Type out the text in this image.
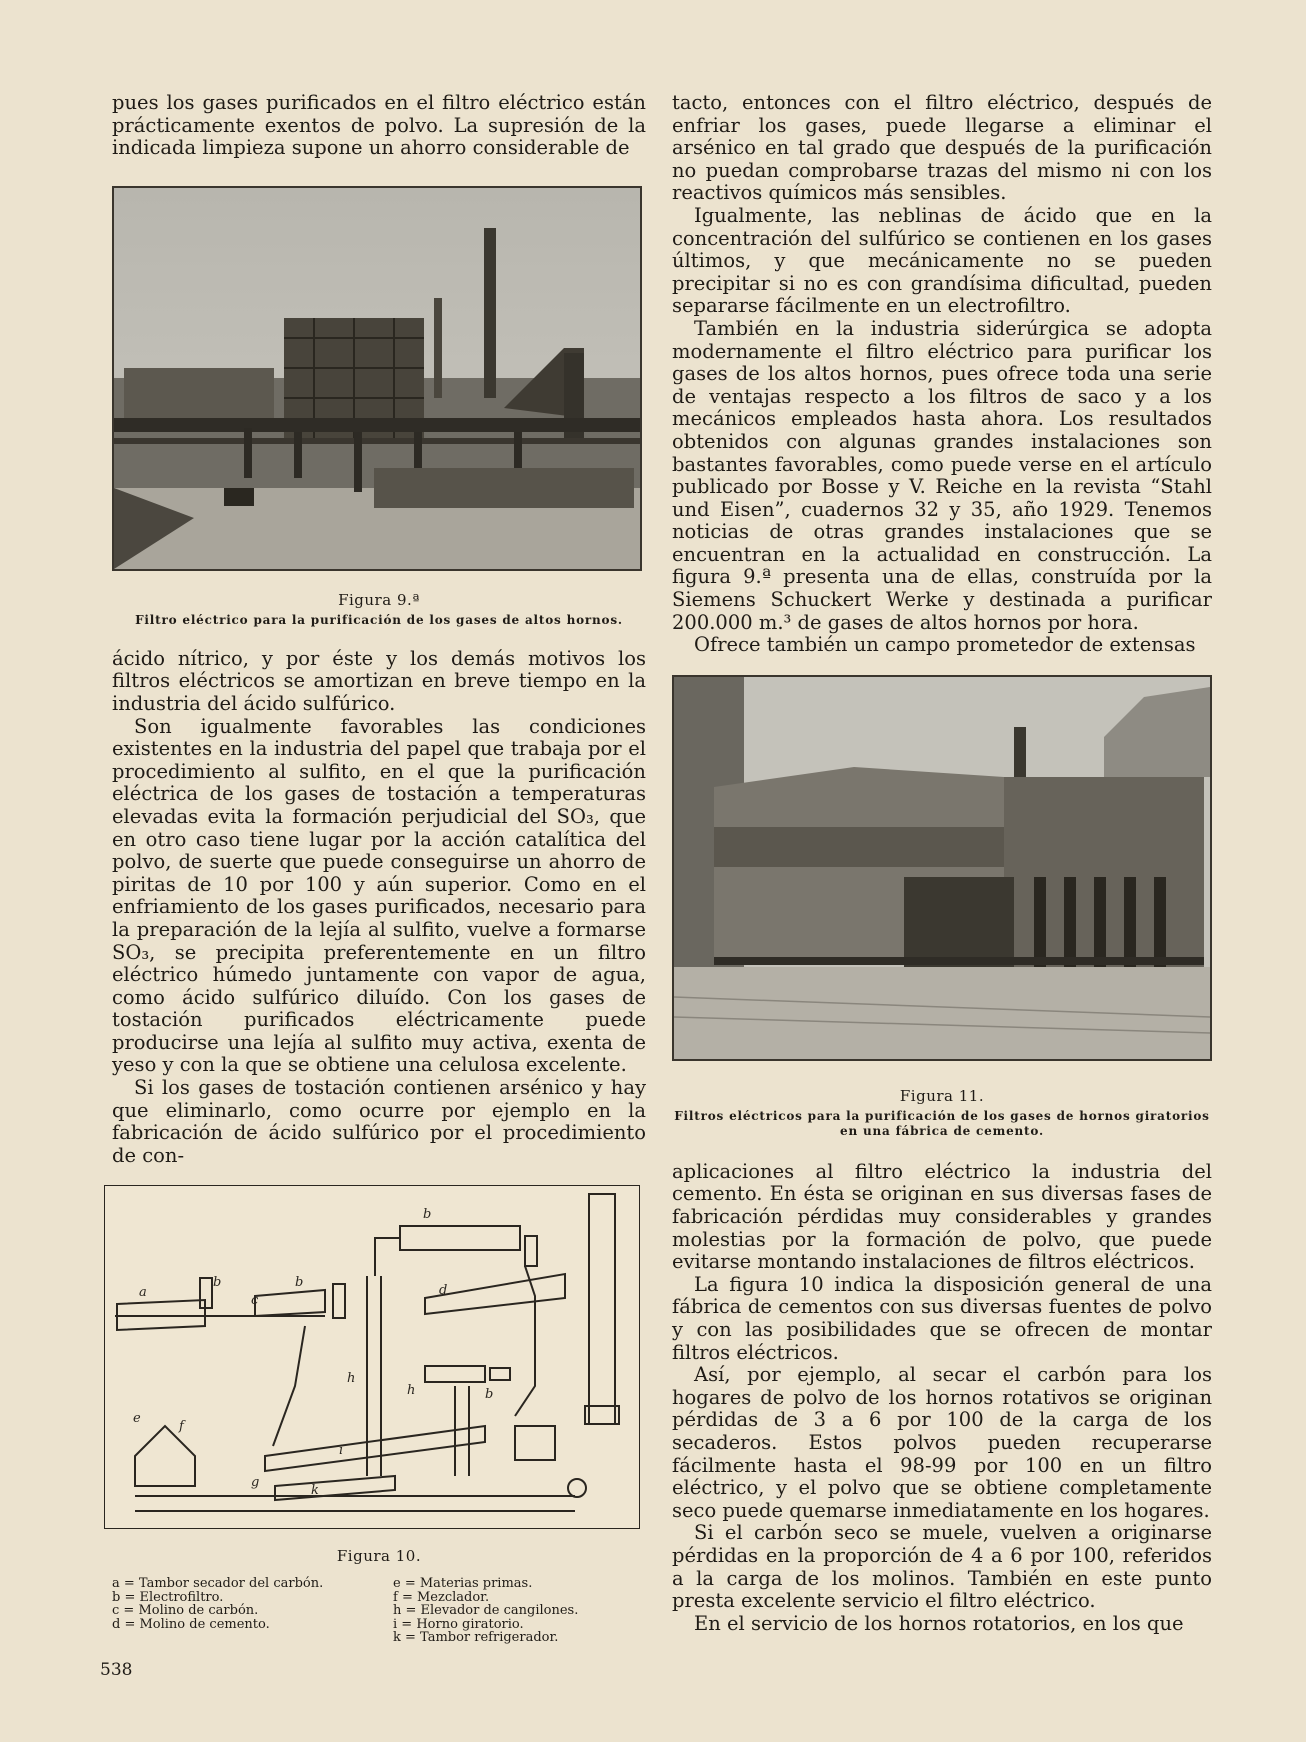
pues los gases purificados en el filtro eléctrico están prácticamente exentos de polvo. La supresión de la indicada limpieza supone un ahorro considerable de

Figura 9.ª

Filtro eléctrico para la purificación de los gases de altos hornos.

ácido nítrico, y por éste y los demás motivos los filtros eléctricos se amortizan en breve tiempo en la industria del ácido sulfúrico.

Son igualmente favorables las condiciones existentes en la industria del papel que trabaja por el procedimiento al sulfito, en el que la purificación eléctrica de los gases de tostación a temperaturas elevadas evita la formación perjudicial del SO₃, que en otro caso tiene lugar por la acción catalítica del polvo, de suerte que puede conseguirse un ahorro de piritas de 10 por 100 y aún superior. Como en el enfriamiento de los gases purificados, necesario para la preparación de la lejía al sulfito, vuelve a formarse SO₃, se precipita preferentemente en un filtro eléctrico húmedo juntamente con vapor de agua, como ácido sulfúrico diluído. Con los gases de tostación purificados eléctricamente puede producirse una lejía al sulfito muy activa, exenta de yeso y con la que se obtiene una celulosa excelente.

Si los gases de tostación contienen arsénico y hay que eliminarlo, como ocurre por ejemplo en la fabricación de ácido sulfúrico por el procedimiento de con-

a
b	b
b
b
c
d
e
f
g
h
h
i
k

Figura 10.

a = Tambor secador del carbón.	e = Materias primas.
b = Electrofiltro.	f = Mezclador.
c = Molino de carbón.	h = Elevador de cangilones.
d = Molino de cemento.	i = Horno giratorio.
k = Tambor refrigerador.

tacto, entonces con el filtro eléctrico, después de enfriar los gases, puede llegarse a eliminar el arsénico en tal grado que después de la purificación no puedan comprobarse trazas del mismo ni con los reactivos químicos más sensibles.

Igualmente, las neblinas de ácido que en la concentración del sulfúrico se contienen en los gases últimos, y que mecánicamente no se pueden precipitar si no es con grandísima dificultad, pueden separarse fácilmente en un electrofiltro.

También en la industria siderúrgica se adopta modernamente el filtro eléctrico para purificar los gases de los altos hornos, pues ofrece toda una serie de ventajas respecto a los filtros de saco y a los mecánicos empleados hasta ahora. Los resultados obtenidos con algunas grandes instalaciones son bastantes favorables, como puede verse en el artículo publicado por Bosse y V. Reiche en la revista “Stahl und Eisen”, cuadernos 32 y 35, año 1929. Tenemos noticias de otras grandes instalaciones que se encuentran en la actualidad en construcción. La figura 9.ª presenta una de ellas, construída por la Siemens Schuckert Werke y destinada a purificar 200.000 m.³ de gases de altos hornos por hora.

Ofrece también un campo prometedor de extensas

Figura 11.

Filtros eléctricos para la purificación de los gases de hornos giratorios en una fábrica de cemento.

aplicaciones al filtro eléctrico la industria del cemento. En ésta se originan en sus diversas fases de fabricación pérdidas muy considerables y grandes molestias por la formación de polvo, que puede evitarse montando instalaciones de filtros eléctricos.

La figura 10 indica la disposición general de una fábrica de cementos con sus diversas fuentes de polvo y con las posibilidades que se ofrecen de montar filtros eléctricos.

Así, por ejemplo, al secar el carbón para los hogares de polvo de los hornos rotativos se originan pérdidas de 3 a 6 por 100 de la carga de los secaderos. Estos polvos pueden recuperarse fácilmente hasta el 98-99 por 100 en un filtro eléctrico, y el polvo que se obtiene completamente seco puede quemarse inmediatamente en los hogares.

Si el carbón seco se muele, vuelven a originarse pérdidas en la proporción de 4 a 6 por 100, referidos a la carga de los molinos. También en este punto presta excelente servicio el filtro eléctrico.

En el servicio de los hornos rotatorios, en los que

538
